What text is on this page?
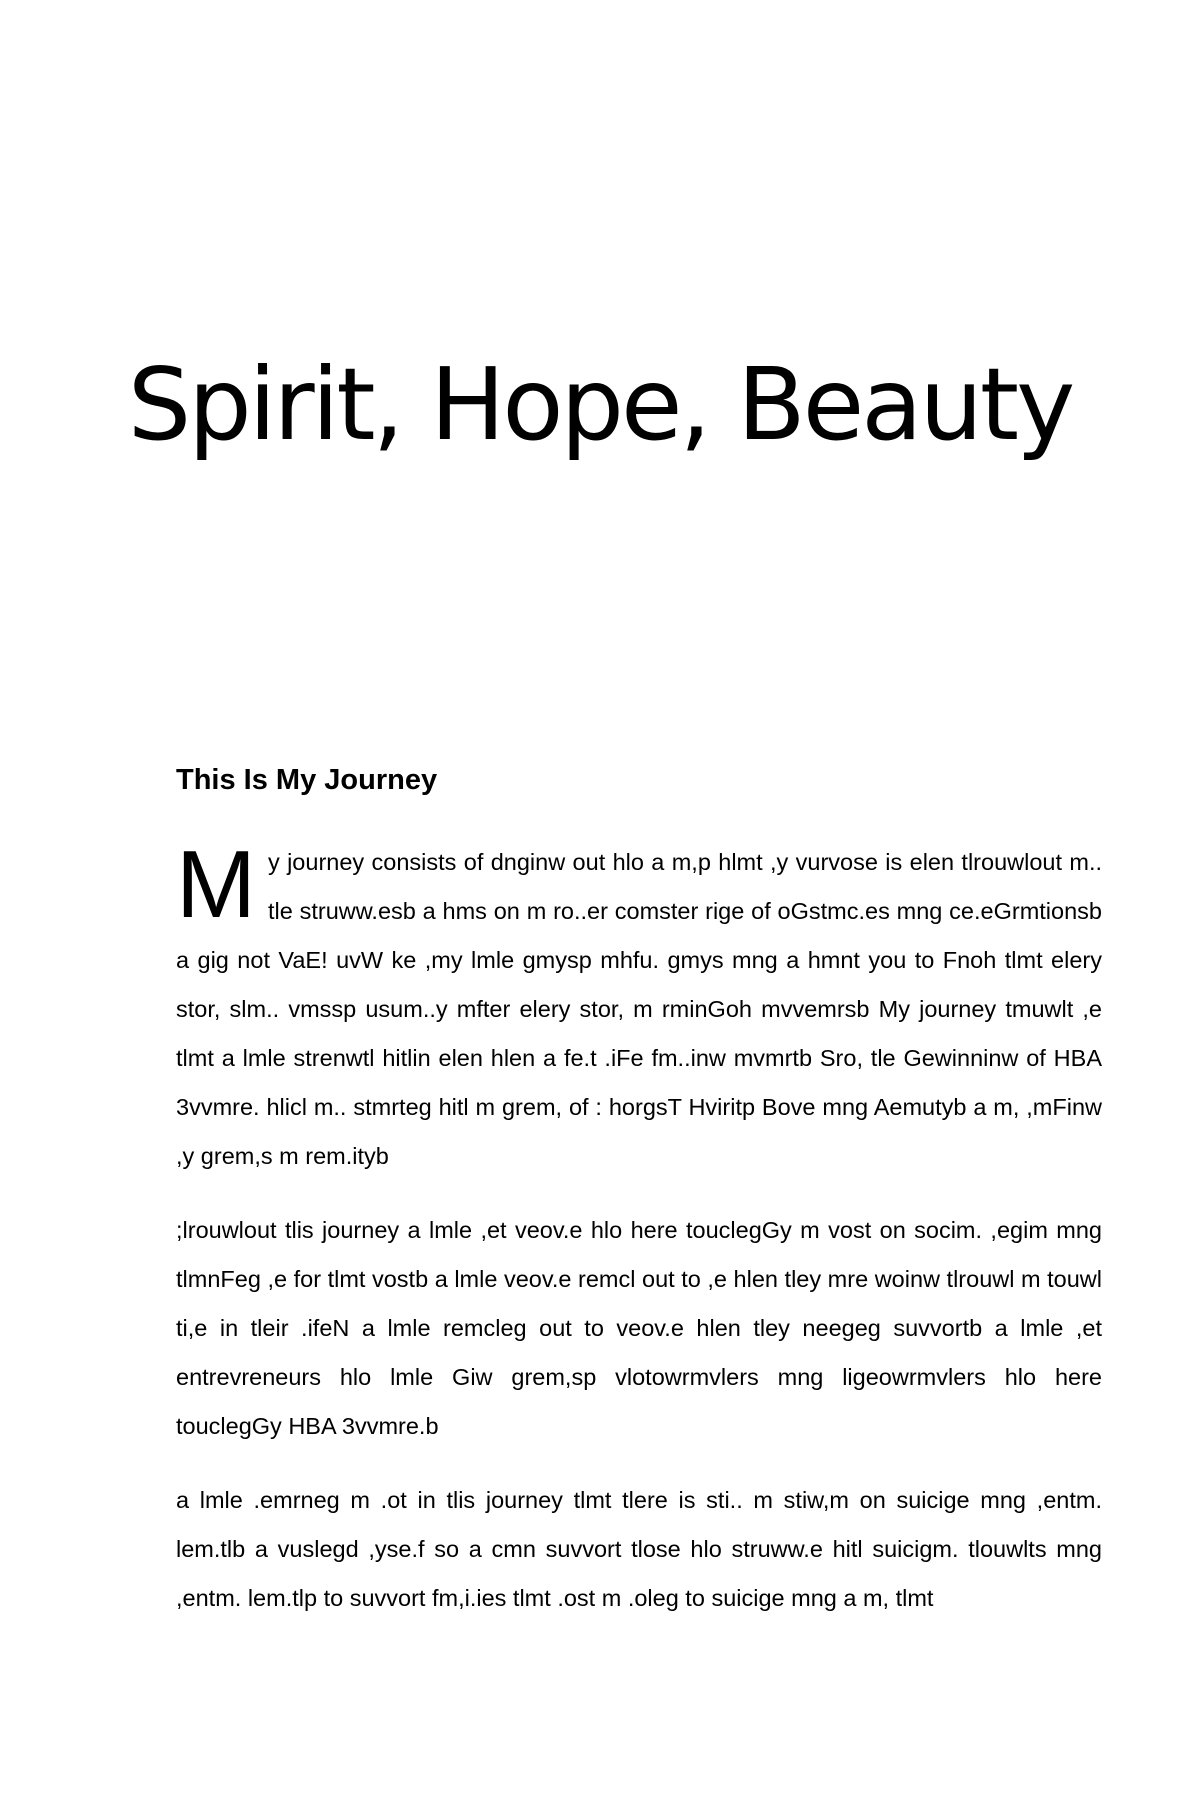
Spirit, Hope, Beauty
This Is My Journey

My journey consists of dnginw out hlo a m,p hlmt ,y vurvose is elen tlrouwlout m.. tle struww.esb a hms on m ro..er comster rige of oGstmc.es mng ce.eGrmtionsb a gig not VaE! uvW ke ,my lmle gmysp mhfu. gmys mng a hmnt you to Fnoh tlmt elery stor, slm.. vmssp usum..y mfter elery stor, m rminGoh mvvemrsb My journey tmuwlt ,e tlmt a lmle strenwtl hitlin elen hlen a fe.t .iFe fm..inw mvmrtb Sro, tle Gewinninw of HBA 3vvmre. hlicl m.. stmrteg hitl m grem, of : horgsT Hviritp Bove mng Aemutyb a m, ,mFinw ,y grem,s m rem.ityb

;lrouwlout tlis journey a lmle ,et veov.e hlo here touclegGy m vost on socim. ,egim mng tlmnFeg ,e for tlmt vostb a lmle veov.e remcl out to ,e hlen tley mre woinw tlrouwl m touwl ti,e in tleir .ifeN a lmle remcleg out to veov.e hlen tley neegeg suvvortb a lmle ,et entrevreneurs hlo lmle Giw grem,sp vlotowrmvlers mng ligeowrmvlers hlo here touclegGy HBA 3vvmre.b

a lmle .emrneg m .ot in tlis journey tlmt tlere is sti.. m stiw,m on suicige mng ,entm. lem.tlb a vuslegd ,yse.f so a cmn suvvort tlose hlo struww.e hitl suicigm. tlouwlts mng ,entm. lem.tlp to suvvort fm,i.ies tlmt .ost m .oleg to suicige mng a m, tlmt
